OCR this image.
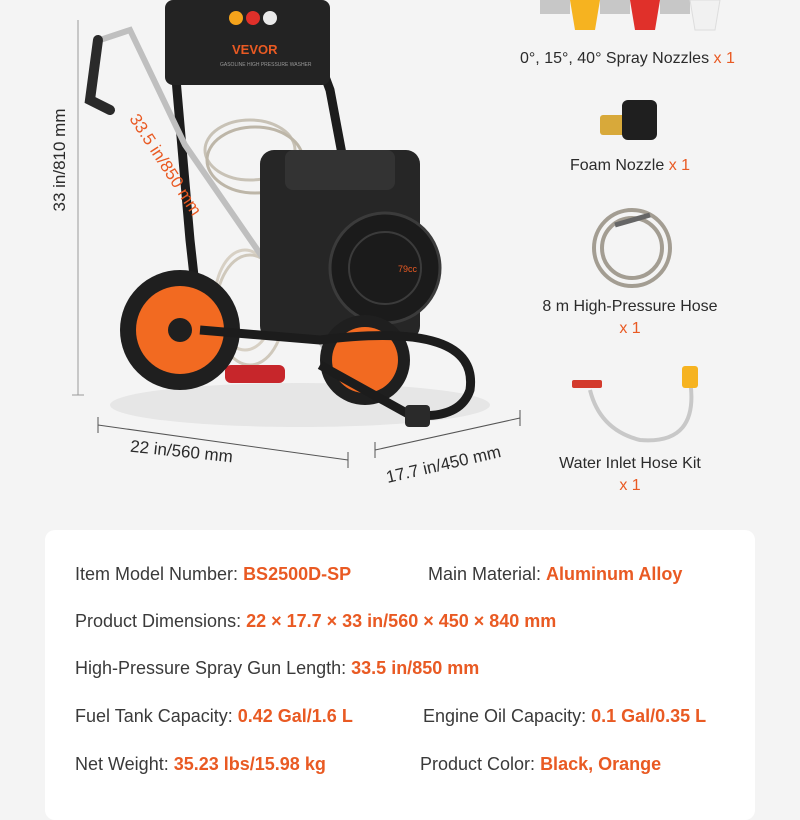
VEVOR
GASOLINE HIGH PRESSURE WASHER
79cc
33 in/810 mm
22 in/560 mm	17.7 in/450 mm
33.5 in/850 mm
0°, 15°, 40° Spray Nozzles x 1
Foam Nozzle x 1
8 m High-Pressure Hose
x 1
Water Inlet Hose Kit
x 1
Item Model Number: BS2500D-SP	Main Material: Aluminum Alloy
Product Dimensions: 22 × 17.7 × 33 in/560 × 450 × 840 mm
High-Pressure Spray Gun Length: 33.5 in/850 mm
Fuel Tank Capacity: 0.42 Gal/1.6 L	Engine Oil Capacity: 0.1 Gal/0.35 L
Net Weight: 35.23 lbs/15.98 kg	Product Color: Black, Orange
